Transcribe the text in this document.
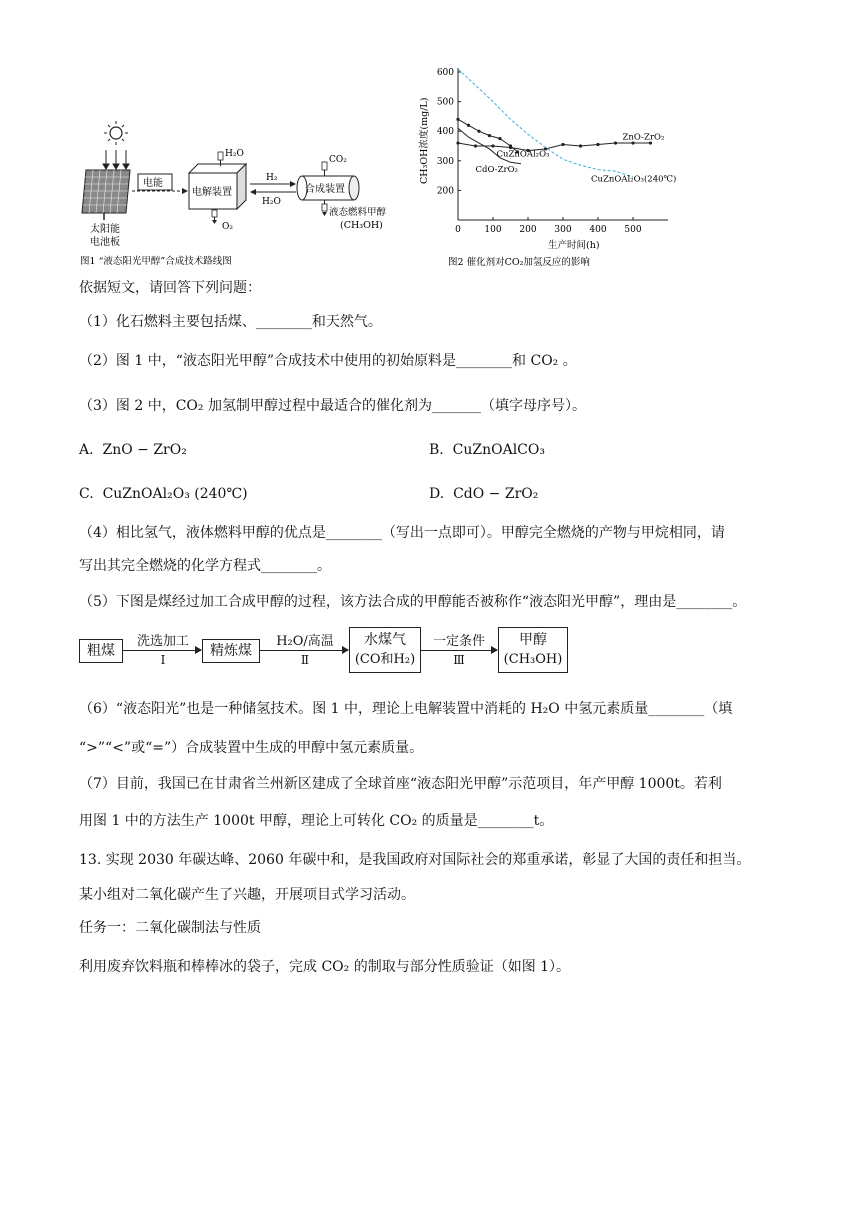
太阳能
电池板
电能
电解装置
H₂O
O₂
H₂
H₂O
合成装置
CO₂
液态燃料甲醇
(CH₃OH)
图1 “液态阳光甲醇”合成技术路线图
CH₃OH浓度(mg/L)
生产时间(h)
图2 催化剂对CO₂加氢反应的影响
0	100 200 300 400 500
200
300
400
500
600
ZnO-ZrO₂
CuZnOAl₂O₃
CdO-ZrO₂
CuZnOAl₂O₃(240℃)
依据短文，请回答下列问题：
（1）化石燃料主要包括煤、________和天然气。
（2）图 1 中，“液态阳光甲醇”合成技术中使用的初始原料是________和 CO₂ 。
（3）图 2 中，CO₂ 加氢制甲醇过程中最适合的催化剂为_______（填字母序号）。
A.  ZnO − ZrO₂	B.  CuZnOAlCO₃
C.  CuZnOAl₂O₃ (240℃)	D.  CdO − ZrO₂
（4）相比氢气，液体燃料甲醇的优点是________（写出一点即可）。甲醇完全燃烧的产物与甲烷相同，请
写出其完全燃烧的化学方程式________。
（5）下图是煤经过加工合成甲醇的过程，该方法合成的甲醇能否被称作“液态阳光甲醇”，理由是________。
粗煤
洗选加工
Ⅰ
精炼煤
H₂O/高温
Ⅱ
水煤气
(CO和H₂)
一定条件
Ⅲ
甲醇
(CH₃OH)
（6）“液态阳光”也是一种储氢技术。图 1 中，理论上电解装置中消耗的 H₂O 中氢元素质量________（填
“>”“<”或“=”）合成装置中生成的甲醇中氢元素质量。
（7）目前，我国已在甘肃省兰州新区建成了全球首座“液态阳光甲醇”示范项目，年产甲醇 1000t。若利
用图 1 中的方法生产 1000t 甲醇，理论上可转化 CO₂ 的质量是________t。
13. 实现 2030 年碳达峰、2060 年碳中和，是我国政府对国际社会的郑重承诺，彰显了大国的责任和担当。
某小组对二氧化碳产生了兴趣，开展项目式学习活动。
任务一：二氧化碳制法与性质
利用废弃饮料瓶和棒棒冰的袋子，完成 CO₂ 的制取与部分性质验证（如图 1）。
